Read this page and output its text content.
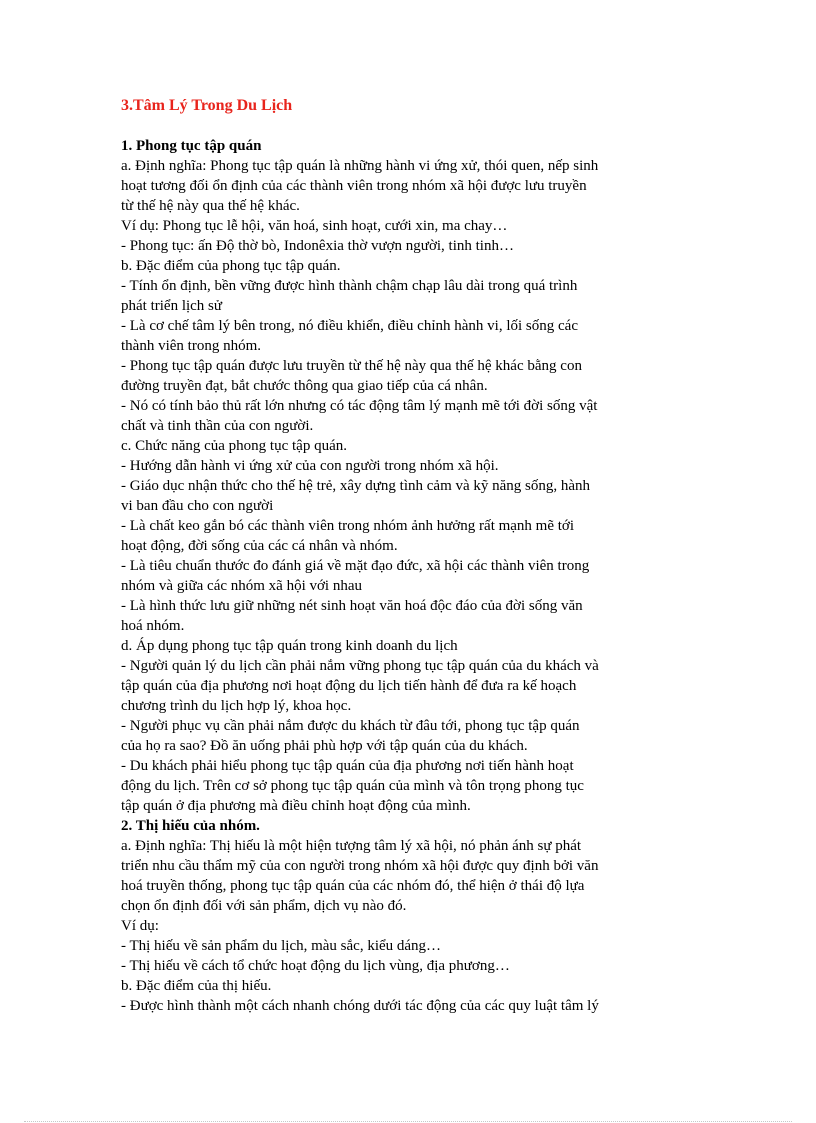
3.Tâm Lý Trong Du Lịch
1. Phong tục tập quán

a. Định nghĩa: Phong tục tập quán là những hành vi ứng xử, thói quen, nếp sinh

hoạt tương đối ổn định của các thành viên trong nhóm xã hội được lưu truyền

từ thế hệ này qua thế hệ khác.

Ví dụ: Phong tục lễ hội, văn hoá, sinh hoạt, cưới xin, ma chay…

- Phong tục: ấn Độ thờ bò, Indonêxia thờ vượn người, tinh tinh…

b. Đặc điểm của phong tục tập quán.

- Tính ổn định, bền vững được hình thành chậm chạp lâu dài trong quá trình

phát triển lịch sử

- Là cơ chế tâm lý bên trong, nó điều khiển, điều chỉnh hành vi, lối sống các

thành viên trong nhóm.

- Phong tục tập quán được lưu truyền từ thế hệ này qua thế hệ khác bằng con

đường truyền đạt, bắt chước thông qua giao tiếp của cá nhân.

- Nó có tính bảo thủ rất lớn nhưng có tác động tâm lý mạnh mẽ tới đời sống vật

chất và tinh thần của con người.

c. Chức năng của phong tục tập quán.

- Hướng dẫn hành vi ứng xử của con người trong nhóm xã hội.

- Giáo dục nhận thức cho thế hệ trẻ, xây dựng tình cảm và kỹ năng sống, hành

vi ban đầu cho con người

- Là chất keo gắn bó các thành viên trong nhóm ảnh hưởng rất mạnh mẽ tới

hoạt động, đời sống của các cá nhân và nhóm.

- Là tiêu chuẩn thước đo đánh giá về mặt đạo đức, xã hội các thành viên trong

nhóm và giữa các nhóm xã hội với nhau

- Là hình thức lưu giữ những nét sinh hoạt văn hoá độc đáo của đời sống văn

hoá nhóm.

d. Áp dụng phong tục tập quán trong kinh doanh du lịch

- Người quản lý du lịch cần phải nắm vững phong tục tập quán của du khách và

tập quán của địa phương nơi hoạt động du lịch tiến hành để đưa ra kế hoạch

chương trình du lịch hợp lý, khoa học.

- Người phục vụ cần phải nắm được du khách từ đâu tới, phong tục tập quán

của họ ra sao? Đồ ăn uống phải phù hợp với tập quán của du khách.

- Du khách phải hiểu phong tục tập quán của địa phương nơi tiến hành hoạt

động du lịch. Trên cơ sở phong tục tập quán của mình và tôn trọng phong tục

tập quán ở địa phương mà điều chỉnh hoạt động của mình.

2. Thị hiếu của nhóm.

a. Định nghĩa: Thị hiếu là một hiện tượng tâm lý xã hội, nó phản ánh sự phát

triển nhu cầu thẩm mỹ của con người trong nhóm xã hội được quy định bởi văn

hoá truyền thống, phong tục tập quán của các nhóm đó, thể hiện ở thái độ lựa

chọn ổn định đối với sản phẩm, dịch vụ nào đó.

Ví dụ:

- Thị hiếu về sản phẩm du lịch, màu sắc, kiểu dáng…

- Thị hiếu về cách tổ chức hoạt động du lịch vùng, địa phương…

b. Đặc điểm của thị hiếu.

- Được hình thành một cách nhanh chóng dưới tác động của các quy luật tâm lý
